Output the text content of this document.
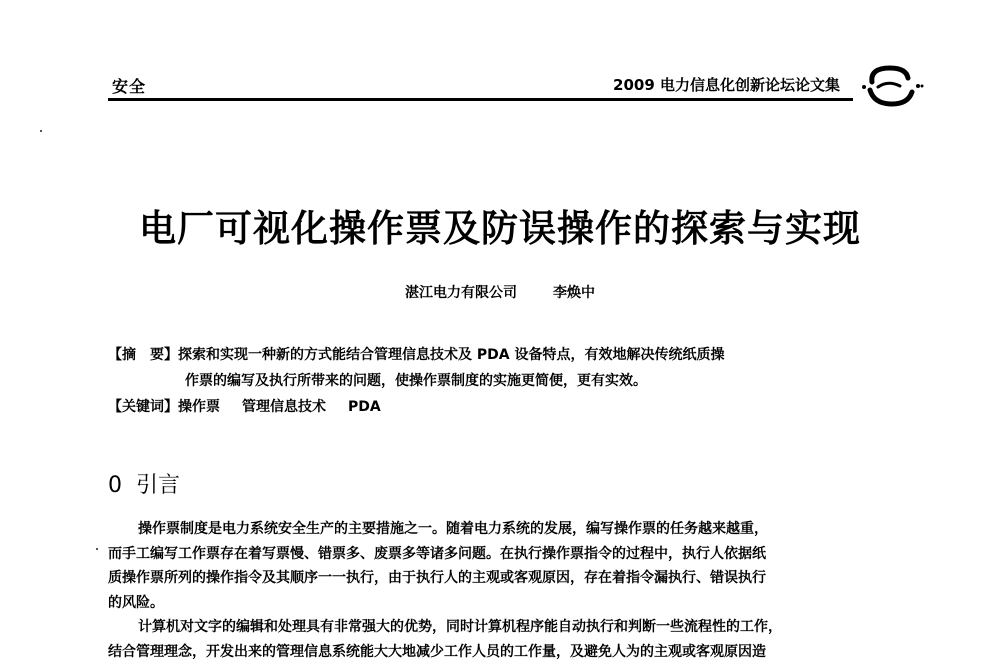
安全	2009 电力信息化创新论坛论文集
电厂可视化操作票及防误操作的探索与实现
湛江电力有限公司	李焕中
【摘　要】探索和实现一种新的方式能结合管理信息技术及 PDA 设备特点，有效地解决传统纸质操
作票的编写及执行所带来的问题，使操作票制度的实施更简便，更有实效。
【关键词】操作票 管理信息技术 PDA
0 引言
操作票制度是电力系统安全生产的主要措施之一。随着电力系统的发展，编写操作票的任务越来越重，
而手工编写工作票存在着写票慢、错票多、废票多等诸多问题。在执行操作票指令的过程中，执行人依据纸
质操作票所列的操作指令及其顺序一一执行，由于执行人的主观或客观原因，存在着指令漏执行、错误执行
的风险。
计算机对文字的编辑和处理具有非常强大的优势，同时计算机程序能自动执行和判断一些流程性的工作，
结合管理理念，开发出来的管理信息系统能大大地减少工作人员的工作量，及避免人为的主观或客观原因造
